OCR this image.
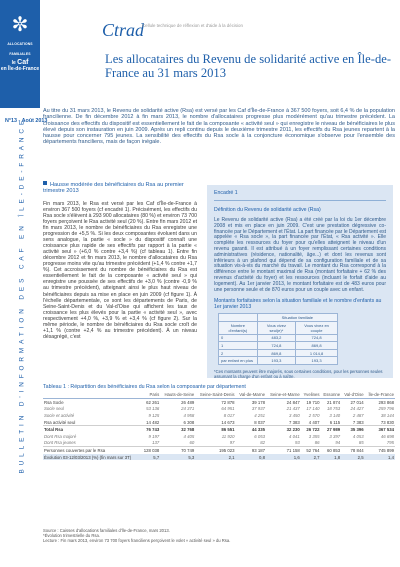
✼
ALLOCATIONS
FAMILIALES
le Caf
en Île-de-France
N°13 - Août 2013
BULLETIN D'INFORMATION DES CAF EN ÎLE-DE-FRANCE
Ctrad
Cellule technique de réflexion et d'aide à la décision
Les allocataires du Revenu de solidarité active en Île-de-France au 31 mars 2013

Au titre du 31 mars 2013, le Revenu de solidarité active (Rsa) est versé par les Caf d'Île-de-France à 367 500 foyers, soit 6,4 % de la population francilienne. De fin décembre 2012 à fin mars 2013, le nombre d'allocataires progresse plus modérément qu'au trimestre précédent. La croissance des effectifs du dispositif est essentiellement le fait de la composante « activité seul » qui enregistre le niveau de bénéficiaires le plus élevé depuis son instauration en juin 2009. Après un repli continu depuis le deuxième trimestre 2011, les effectifs du Rsa jeunes repartent à la hausse pour concerner 795 jeunes. La sensibilité des effectifs du Rsa socle à la conjoncture économique s'observe pour l'ensemble des départements franciliens, mais de façon inégale.

Hausse modérée des bénéficiaires du Rsa au premier trimestre 2013

Fin mars 2013, le Rsa est versé par les Caf d'Île-de-France à environ 367 500 foyers (cf encadré 1). Précisément, les effectifs du Rsa socle s'élèvent à 293 900 allocataires (80 %) et environ 73 700 foyers perçoivent le Rsa activité seul (20 %). Entre fin mars 2012 et fin mars 2013, le nombre de bénéficiaires du Rsa enregistre une progression de +5,5 %. Si les deux composantes évoluent dans un sens analogue, la partie « socle » du dispositif connaît une croissance plus rapide de ses effectifs par rapport à la partie « activité seul » (+6,0 % contre +3,4 %) (cf tableau 1). Entre fin décembre 2012 et fin mars 2013, le nombre d'allocataires du Rsa progresse moins vite qu'au trimestre précédent (+1,4 % contre +1,7 %). Cet accroissement du nombre de bénéficiaires du Rsa est essentiellement le fait de la composante « activité seul » qui enregistre une poussée de ses effectifs de +3,0 % (contre -0,9 % au trimestre précédent), atteignant ainsi le plus haut niveau de bénéficiaires depuis sa mise en place en juin 2009 (cf figure 1). À l'échelle départementale, ce sont les départements de Paris, de Seine-Saint-Denis et du Val-d'Oise qui affichent les taux de croissance les plus élevés pour la partie « activité seul », avec respectivement +4,0 %, +3,9 % et +3,4 % (cf figure 2). Sur la même période, le nombre de bénéficiaires du Rsa socle croît de +1,1 % (contre +2,4 % au trimestre précédent). À un niveau désagrégé, c'est

Encadré 1
Définition du Revenu de solidarité active (Rsa)

Le Revenu de solidarité active (Rsa) a été créé par la loi du 1er décembre 2008 et mis en place en juin 2009. C'est une prestation dégressive co-financée par le Département et l'État. La part financée par le Département est appelée « Rsa socle », la part financée par l'État, « Rsa activité ». Elle complète les ressources du foyer pour qu'elles atteignent le niveau d'un revenu garanti. Il est attribué à un foyer remplissant certaines conditions administratives (résidence, nationalité, âge...) et dont les revenus sont inférieurs à un plafond qui dépend de sa configuration familiale et de sa situation vis-à-vis du marché du travail. Le montant du Rsa correspond à la différence entre le montant maximal de Rsa (montant forfaitaire + 62 % des revenus d'activité du foyer) et les ressources (incluant le forfait d'aide au logement). Au 1er janvier 2013, le montant forfaitaire est de 483 euros pour une personne seule et de 870 euros pour un couple avec un enfant.

Montants forfaitaires selon la situation familiale et le nombre d'enfants au 1er janvier 2013
	Situation familiale	
Nombre d'enfant(s)	Vous vivez seul(e)*	Vous vivez en couple
0	483,2	724,8
1	724,8	869,8
2	869,8	1 014,8
par enfant en plus	193,3	193,3
*Ces montants peuvent être majorés, sous certaines conditions, pour les personnes seules assumant la charge d'un enfant ou à naître.
Tableau 1 : Répartition des bénéficiaires du Rsa selon la composante par département
	Paris	Hauts-de-Seine	Seine-Saint-Denis	Val-de-Marne	Seine-et-Marne	Yvelines	Essonne	Val-d'Oise	Île-de-France
Rsa Socle	62 261	26 489	72 878	39 178	24 847	19 710	21 874	27 014	293 868
Socle seul	53 136	24 371	64 951	37 937	21 437	17 140	18 753	24 427	259 796
Socle et activité	9 125	4 958	8 017	4 251	3 450	2 570	3 140	2 487	38 144
Rsa activité seul	14 482	6 308	14 673	8 037	7 383	4 407	6 115	7 383	73 830
Total Rsa	76 743	32 768	86 551	44 335	32 230	26 722	27 989	35 396	367 534
Dont Rsa majoré	9 197	4 405	11 920	6 053	4 041	3 355	3 397	4 053	46 698
Dont Rsa jeunes	137	60	97	82	93	86	94	85	795
Personnes couvertes par le Rsa	128 038	70 749	195 023	93 187	71 158	52 764	60 853	78 844	745 899
Évolution 03-12/03/2013 (%) (fin mars sur 3T)	5,7	5,3	2,1	0,8	1,6	2,7	1,8	2,5	1,4
Source : Caisses d'allocations familiales d'Île-de-France, mars 2013.
*Évolution trimestrielle du Rsa.
Lecture : Fin mars 2013, environ 73 700 foyers franciliens perçoivent le volet « activité seul » du Rsa.
